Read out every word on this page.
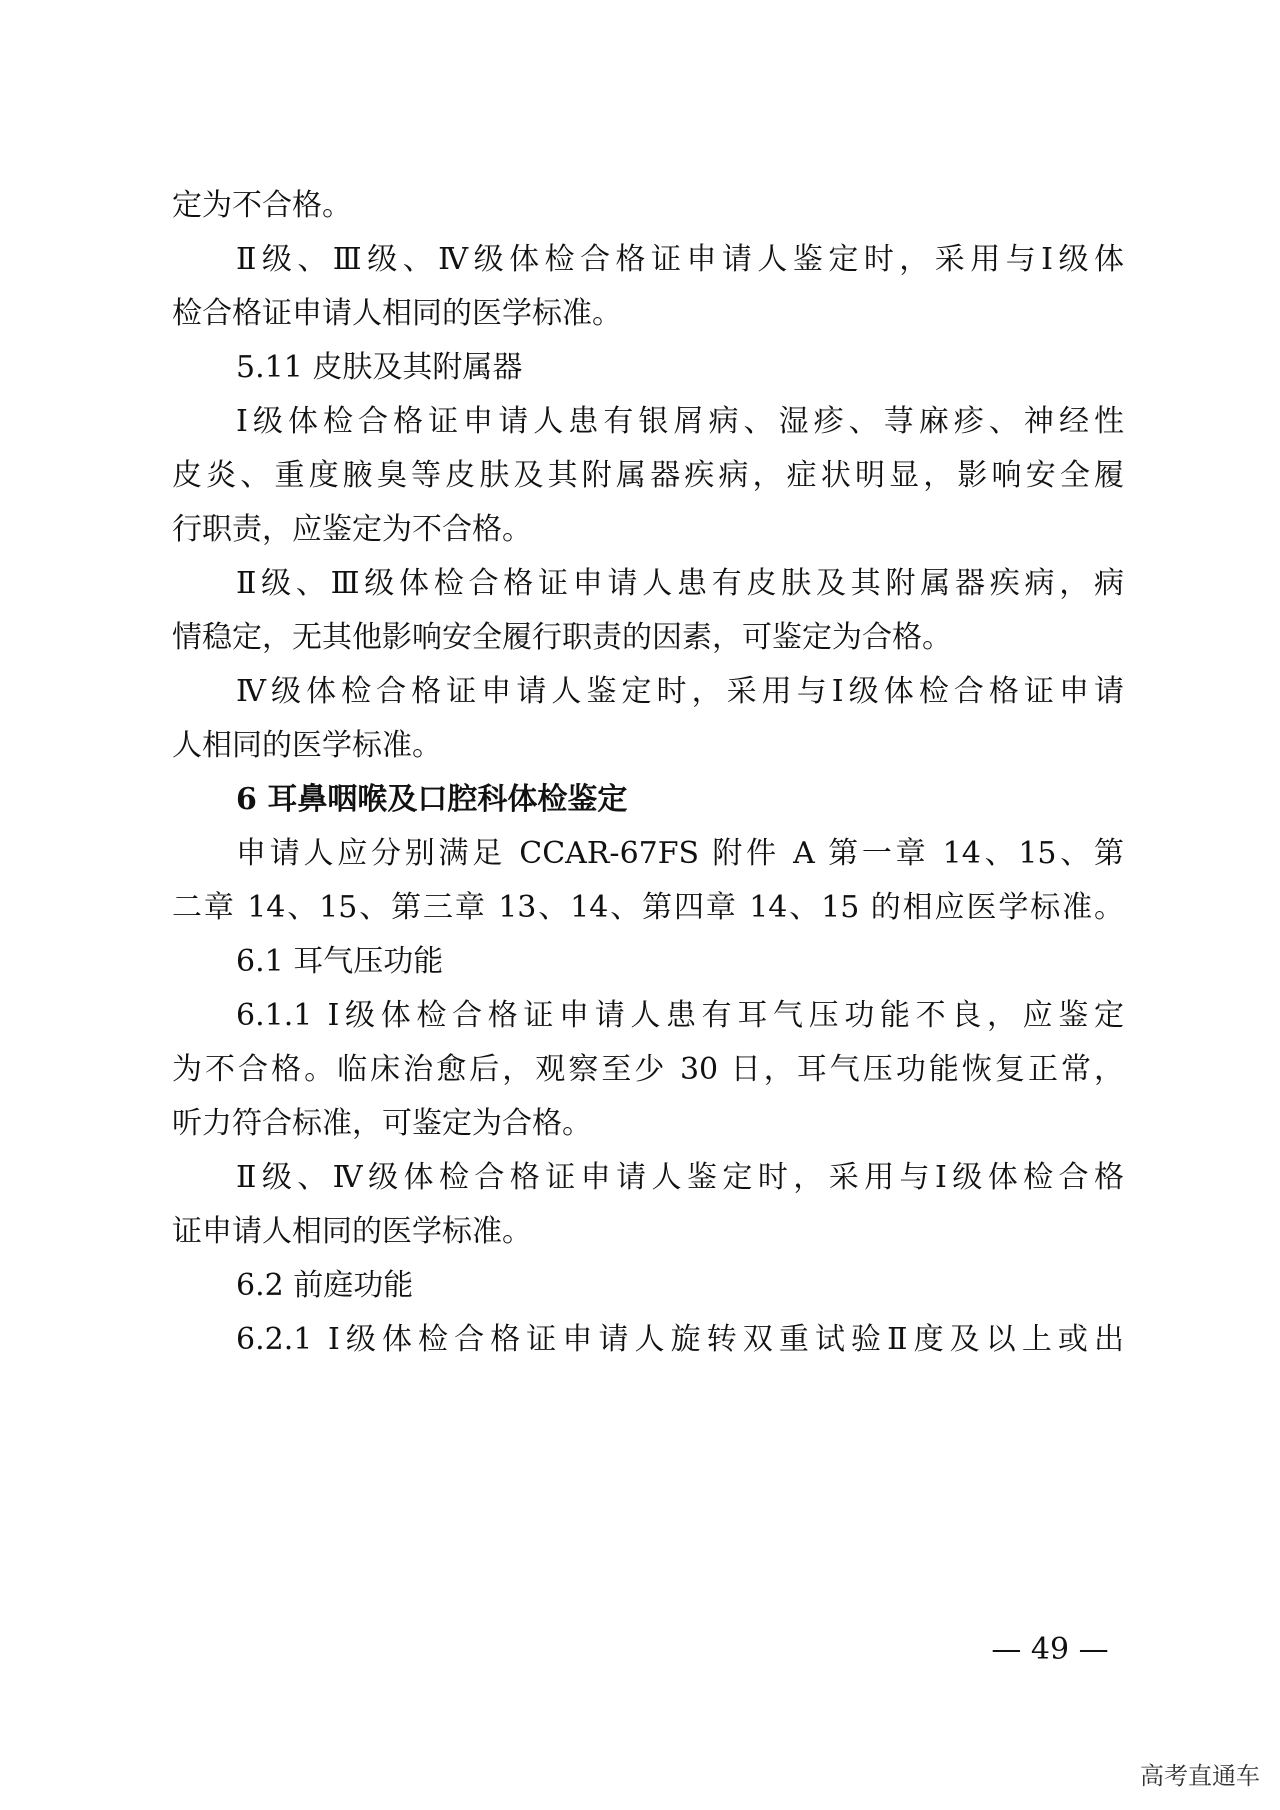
定为不合格。
Ⅱ级、Ⅲ级、Ⅳ级体检合格证申请人鉴定时，采用与Ⅰ级体
检合格证申请人相同的医学标准。
5.11 皮肤及其附属器
Ⅰ级体检合格证申请人患有银屑病、湿疹、荨麻疹、神经性
皮炎、重度腋臭等皮肤及其附属器疾病，症状明显，影响安全履
行职责，应鉴定为不合格。
Ⅱ级、Ⅲ级体检合格证申请人患有皮肤及其附属器疾病，病
情稳定，无其他影响安全履行职责的因素，可鉴定为合格。
Ⅳ级体检合格证申请人鉴定时，采用与Ⅰ级体检合格证申请
人相同的医学标准。
6 耳鼻咽喉及口腔科体检鉴定
申请人应分别满足 CCAR-67FS 附件 A 第一章 14、15、第
二章 14、15、第三章 13、14、第四章 14、15 的相应医学标准。
6.1 耳气压功能
6.1.1 Ⅰ级体检合格证申请人患有耳气压功能不良，应鉴定
为不合格。临床治愈后，观察至少 30 日，耳气压功能恢复正常，
听力符合标准，可鉴定为合格。
Ⅱ级、Ⅳ级体检合格证申请人鉴定时，采用与Ⅰ级体检合格
证申请人相同的医学标准。
6.2 前庭功能
6.2.1 Ⅰ级体检合格证申请人旋转双重试验Ⅱ度及以上或出
— 49 —
高考直通车
